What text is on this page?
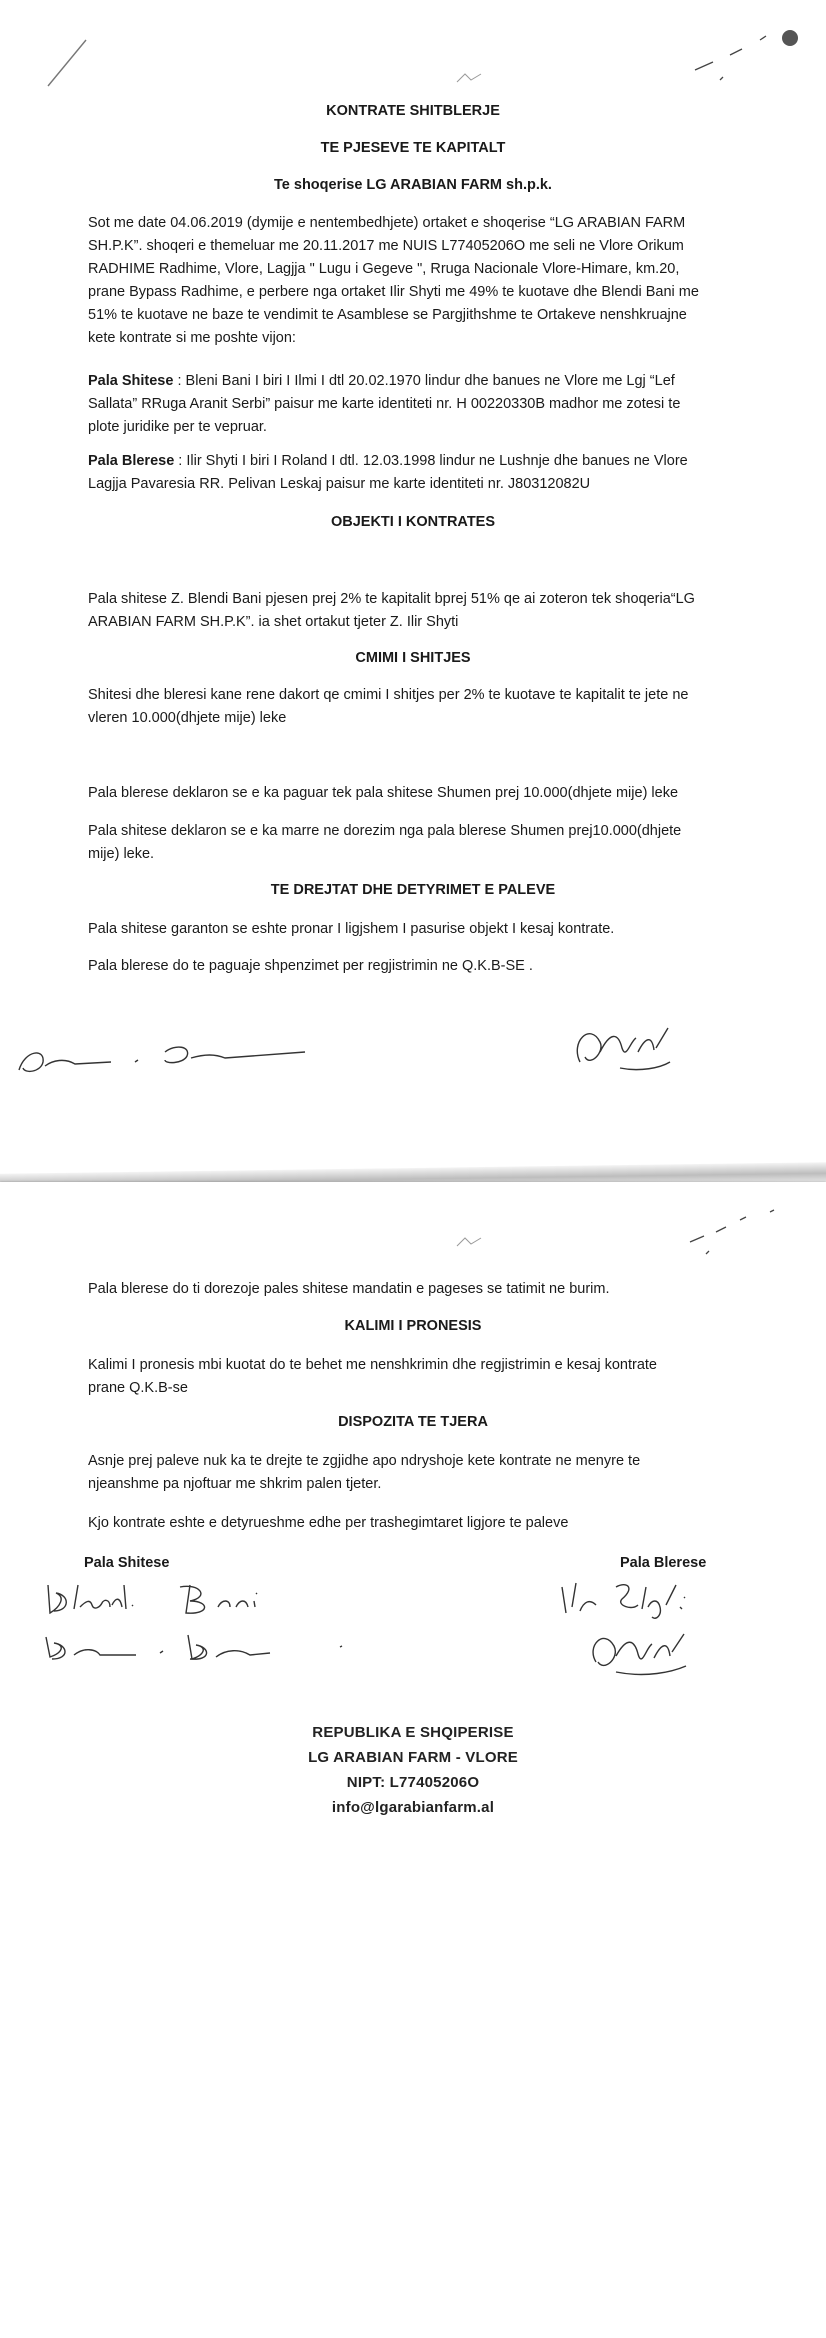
KONTRATE SHITBLERJE
TE PJESEVE TE KAPITALT
Te shoqerise LG ARABIAN FARM sh.p.k.
Sot me date 04.06.2019 (dymije e nentembedhjete) ortaket e shoqerise “LG ARABIAN FARM
SH.P.K”. shoqeri e themeluar me 20.11.2017 me NUIS L77405206O me seli ne Vlore Orikum
RADHIME Radhime, Vlore, Lagjja " Lugu i Gegeve ", Rruga Nacionale Vlore-Himare, km.20,
prane Bypass Radhime, e perbere nga ortaket Ilir Shyti me 49% te kuotave dhe Blendi Bani me
51% te kuotave ne baze te vendimit te Asamblese se Pargjithshme te Ortakeve nenshkruajne
kete kontrate si me poshte vijon:
Pala Shitese : Bleni Bani I biri I Ilmi I dtl 20.02.1970 lindur dhe banues ne Vlore me Lgj “Lef
Sallata” RRuga Aranit Serbi” paisur me karte identiteti nr. H 00220330B madhor me zotesi te
plote juridike per te vepruar.
Pala Blerese : Ilir Shyti I biri I Roland I dtl. 12.03.1998 lindur ne Lushnje dhe banues ne Vlore
Lagjja Pavaresia RR. Pelivan Leskaj paisur me karte identiteti nr. J80312082U
OBJEKTI I KONTRATES
Pala shitese Z. Blendi Bani pjesen prej 2% te kapitalit bprej 51% qe ai zoteron tek shoqeria“LG
ARABIAN FARM SH.P.K”. ia shet ortakut tjeter Z. Ilir Shyti
CMIMI I SHITJES
Shitesi dhe bleresi kane rene dakort qe cmimi I shitjes per 2% te kuotave te kapitalit te jete ne
vleren 10.000(dhjete mije) leke
Pala blerese deklaron se e ka paguar tek pala shitese Shumen prej 10.000(dhjete mije) leke
Pala shitese deklaron se e ka marre ne dorezim nga pala blerese Shumen prej10.000(dhjete
mije) leke.
TE DREJTAT DHE DETYRIMET E PALEVE
Pala shitese garanton se eshte pronar I ligjshem I pasurise objekt I kesaj kontrate.
Pala blerese do te paguaje shpenzimet per regjistrimin ne Q.K.B-SE .
Pala blerese do ti dorezoje pales shitese mandatin e pageses se tatimit ne burim.
KALIMI I PRONESIS
Kalimi I pronesis mbi kuotat do te behet me nenshkrimin dhe regjistrimin e kesaj kontrate
prane Q.K.B-se
DISPOZITA TE TJERA
Asnje prej paleve nuk ka te drejte te zgjidhe apo ndryshoje kete kontrate ne menyre te
njeanshme pa njoftuar me shkrim palen tjeter.
Kjo kontrate eshte e detyrueshme edhe per trashegimtaret ligjore te paleve
Pala Shitese	Pala Blerese
REPUBLIKA E SHQIPERISE
LG ARABIAN FARM - VLORE
NIPT: L77405206O
info@lgarabianfarm.al
